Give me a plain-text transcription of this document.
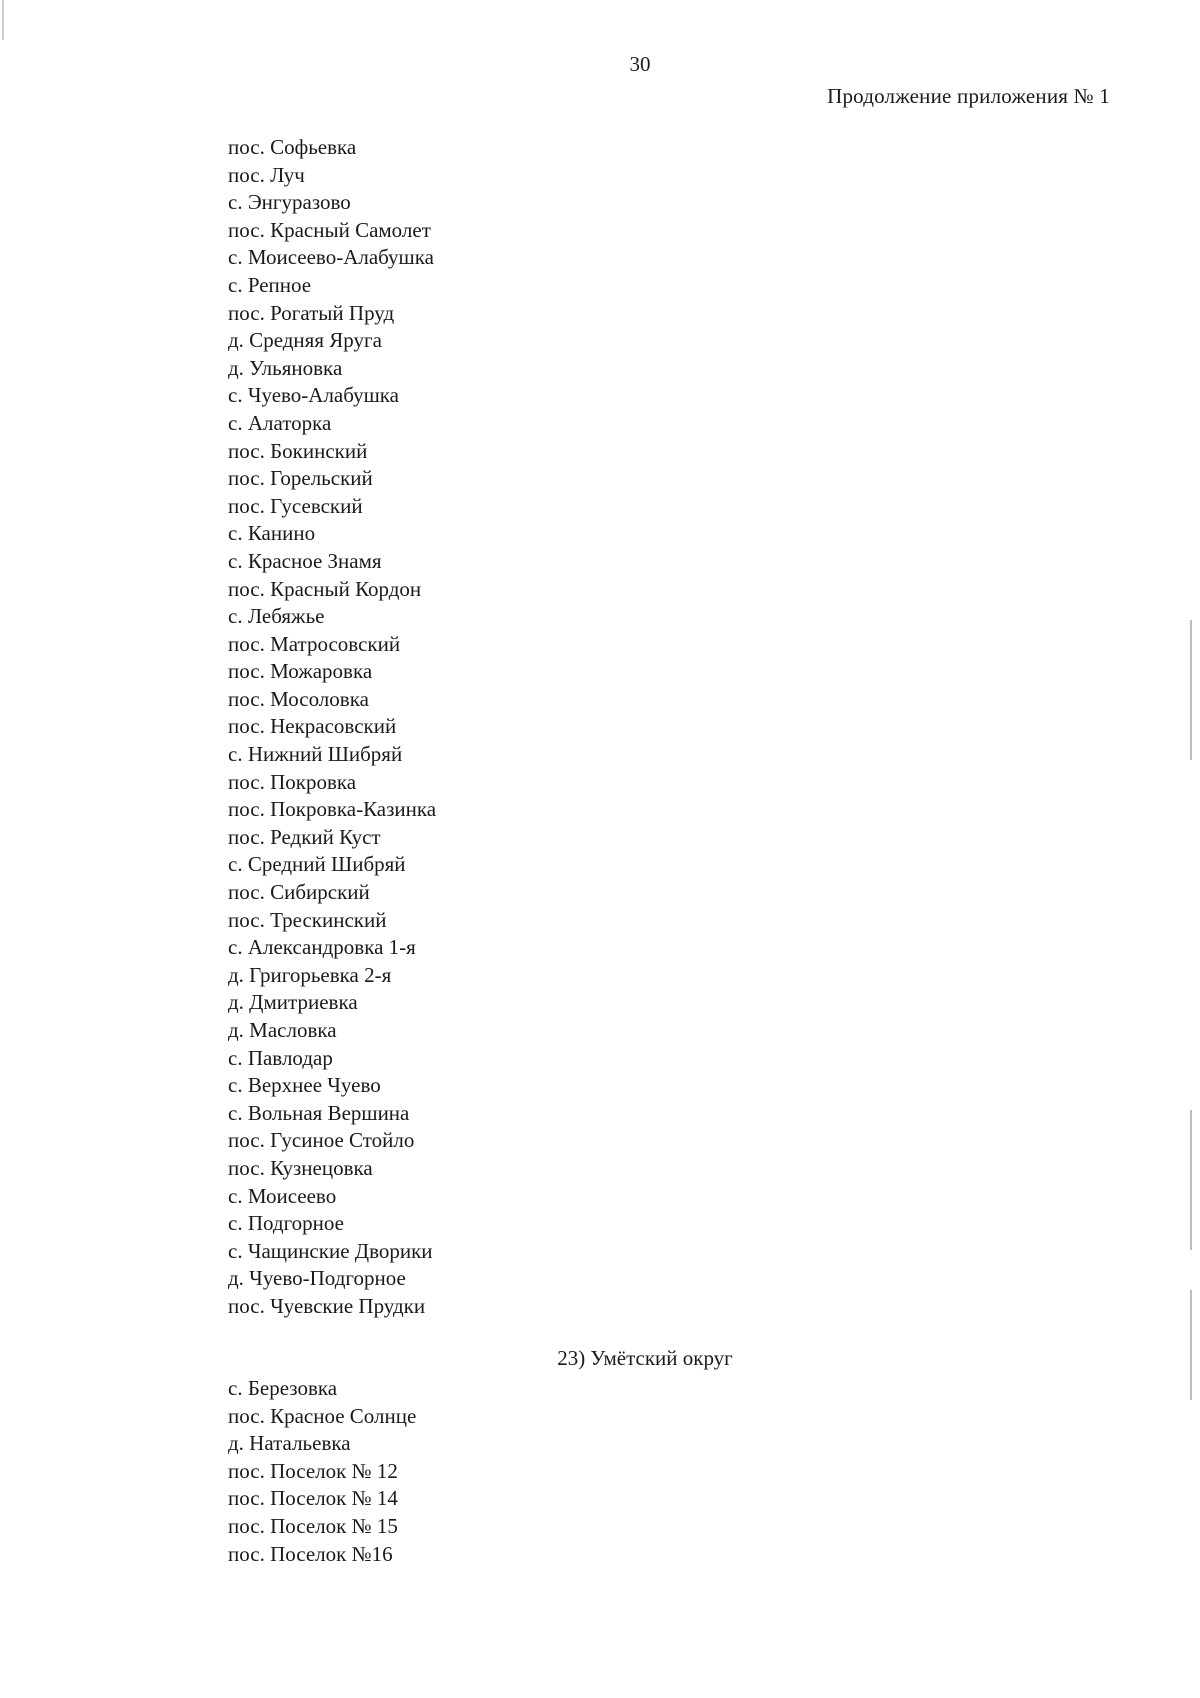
30
Продолжение приложения № 1
пос. Софьевка
пос. Луч
с. Энгуразово
пос. Красный Самолет
с. Моисеево-Алабушка
с. Репное
пос. Рогатый Пруд
д. Средняя Яруга
д. Ульяновка
с. Чуево-Алабушка
с. Алаторка
пос. Бокинский
пос. Горельский
пос. Гусевский
с. Канино
с. Красное Знамя
пос. Красный Кордон
с. Лебяжье
пос. Матросовский
пос. Можаровка
пос. Мосоловка
пос. Некрасовский
с. Нижний Шибряй
пос. Покровка
пос. Покровка-Казинка
пос. Редкий Куст
с. Средний Шибряй
пос. Сибирский
пос. Трескинский
с. Александровка 1-я
д. Григорьевка 2-я
д. Дмитриевка
д. Масловка
с. Павлодар
с. Верхнее Чуево
с. Вольная Вершина
пос. Гусиное Стойло
пос. Кузнецовка
с. Моисеево
с. Подгорное
с. Чащинские Дворики
д. Чуево-Подгорное
пос. Чуевские Прудки
23) Умётский округ
с. Березовка
пос. Красное Солнце
д. Натальевка
пос. Поселок № 12
пос. Поселок № 14
пос. Поселок № 15
пос. Поселок №16
